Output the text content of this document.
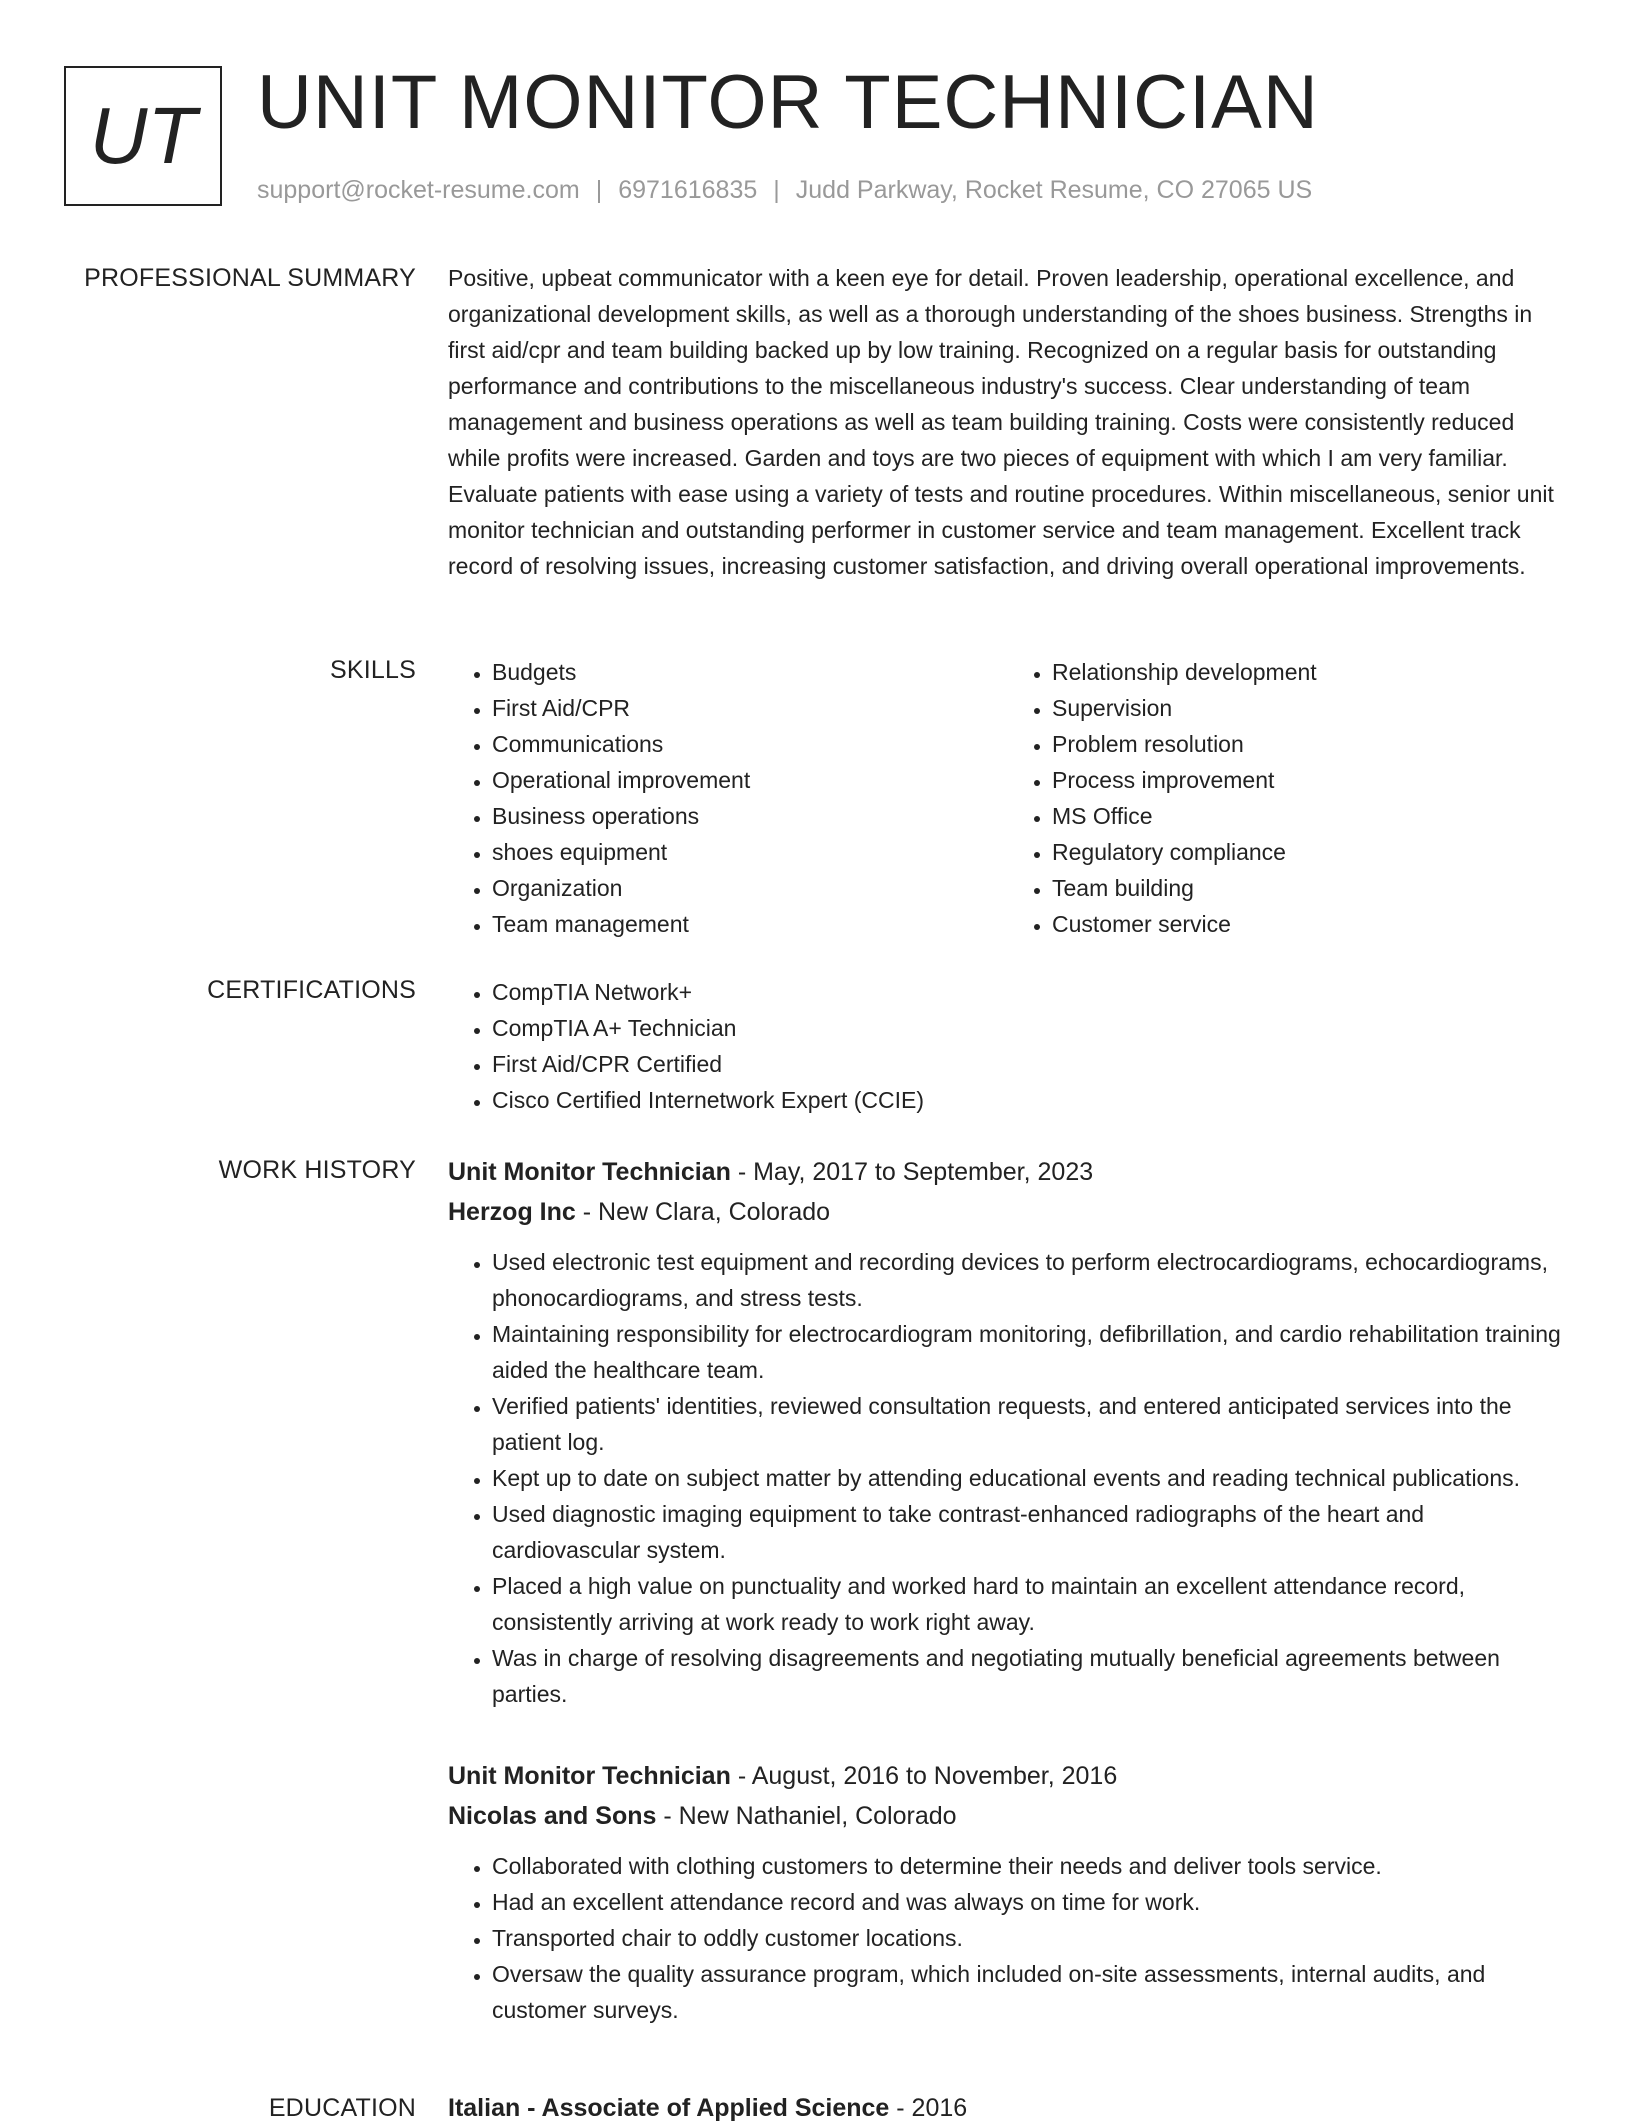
UT UNIT MONITOR TECHNICIAN
support@rocket-resume.com | 6971616835 | Judd Parkway, Rocket Resume, CO 27065 US
PROFESSIONAL SUMMARY Positive, upbeat communicator with a keen eye for detail. Proven leadership, operational excellence, and organizational development skills, as well as a thorough understanding of the shoes business. Strengths in first aid/cpr and team building backed up by low training. Recognized on a regular basis for outstanding performance and contributions to the miscellaneous industry's success. Clear understanding of team management and business operations as well as team building training. Costs were consistently reduced while profits were increased. Garden and toys are two pieces of equipment with which I am very familiar. Evaluate patients with ease using a variety of tests and routine procedures. Within miscellaneous, senior unit monitor technician and outstanding performer in customer service and team management. Excellent track record of resolving issues, increasing customer satisfaction, and driving overall operational improvements.

SKILLS	• Budgets
• First Aid/CPR
• Communications
• Operational improvement
• Business operations
• shoes equipment
• Organization
• Team management
• Relationship development
• Supervision
• Problem resolution
• Process improvement
• MS Office
• Regulatory compliance
• Team building
• Customer service
CERTIFICATIONS	• CompTIA Network+
• CompTIA A+ Technician
• First Aid/CPR Certified
• Cisco Certified Internetwork Expert (CCIE)
WORK HISTORY Unit Monitor Technician - May, 2017 to September, 2023
Herzog Inc - New Clara, Colorado
• Used electronic test equipment and recording devices to perform electrocardiograms, echocardiograms, phonocardiograms, and stress tests.
• Maintaining responsibility for electrocardiogram monitoring, defibrillation, and cardio rehabilitation training aided the healthcare team.
• Verified patients' identities, reviewed consultation requests, and entered anticipated services into the patient log.
• Kept up to date on subject matter by attending educational events and reading technical publications.
• Used diagnostic imaging equipment to take contrast-enhanced radiographs of the heart and cardiovascular system.
• Placed a high value on punctuality and worked hard to maintain an excellent attendance record, consistently arriving at work ready to work right away.
• Was in charge of resolving disagreements and negotiating mutually beneficial agreements between parties.
Unit Monitor Technician - August, 2016 to November, 2016
Nicolas and Sons - New Nathaniel, Colorado
• Collaborated with clothing customers to determine their needs and deliver tools service.
• Had an excellent attendance record and was always on time for work.
• Transported chair to oddly customer locations.
• Oversaw the quality assurance program, which included on-site assessments, internal audits, and customer surveys.
EDUCATION Italian - Associate of Applied Science - 2016
